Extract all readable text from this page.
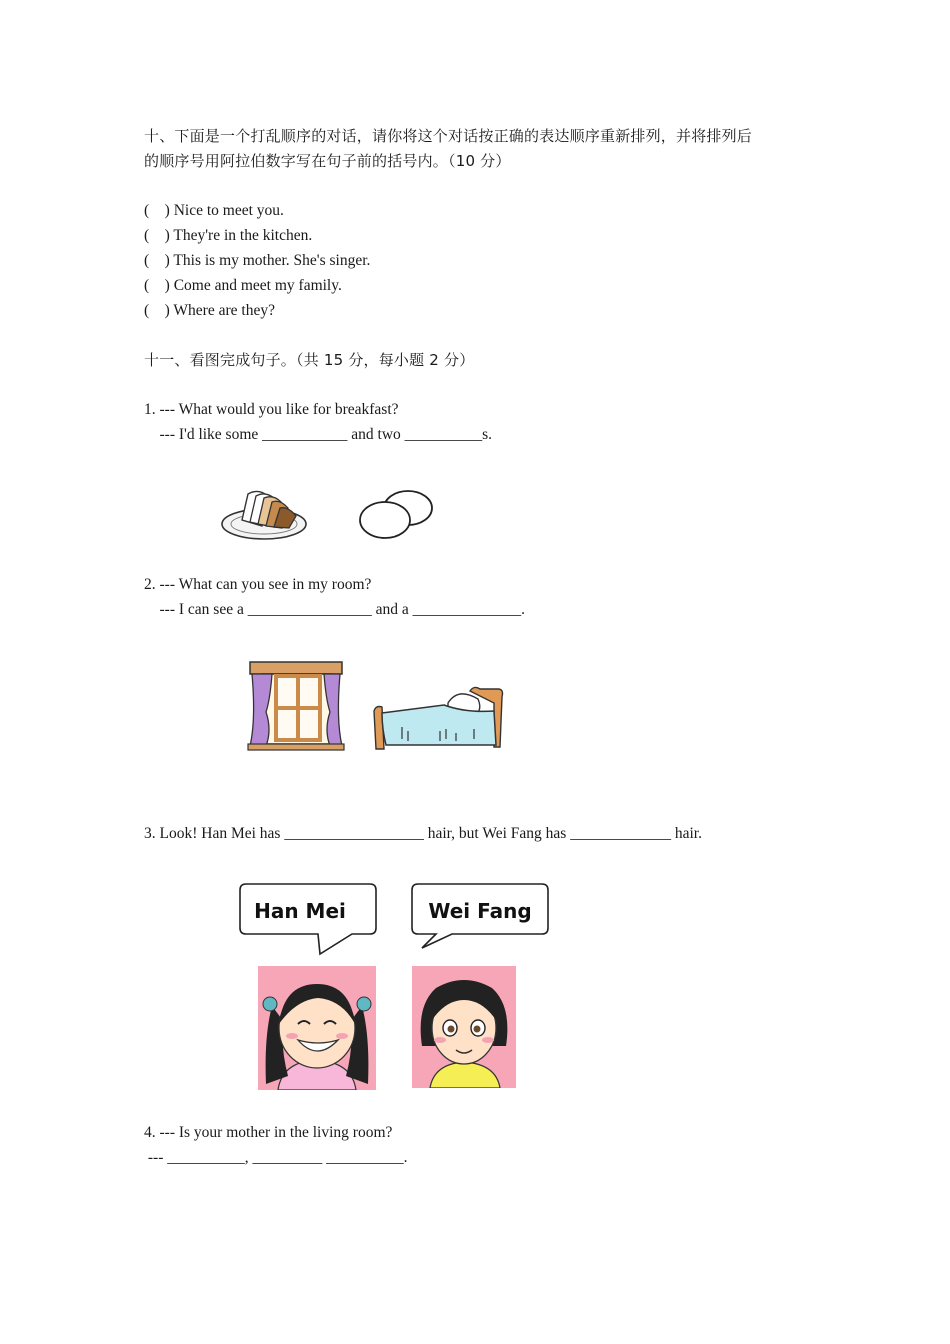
十、下面是一个打乱顺序的对话，请你将这个对话按正确的表达顺序重新排列，并将排列后
的顺序号用阿拉伯数字写在句子前的括号内。（10 分）
(    ) Nice to meet you.
(    ) They're in the kitchen.
(    ) This is my mother. She's singer.
(    ) Come and meet my family.
(    ) Where are they?
十一、看图完成句子。（共 15 分，每小题 2 分）
1. --- What would you like for breakfast?
--- I'd like some ___________ and two __________s.
2. --- What can you see in my room?
--- I can see a ________________ and a ______________.
3. Look! Han Mei has __________________ hair, but Wei Fang has _____________ hair.
Han Mei	Wei Fang
4. --- Is your mother in the living room?
--- __________, _________ __________.
